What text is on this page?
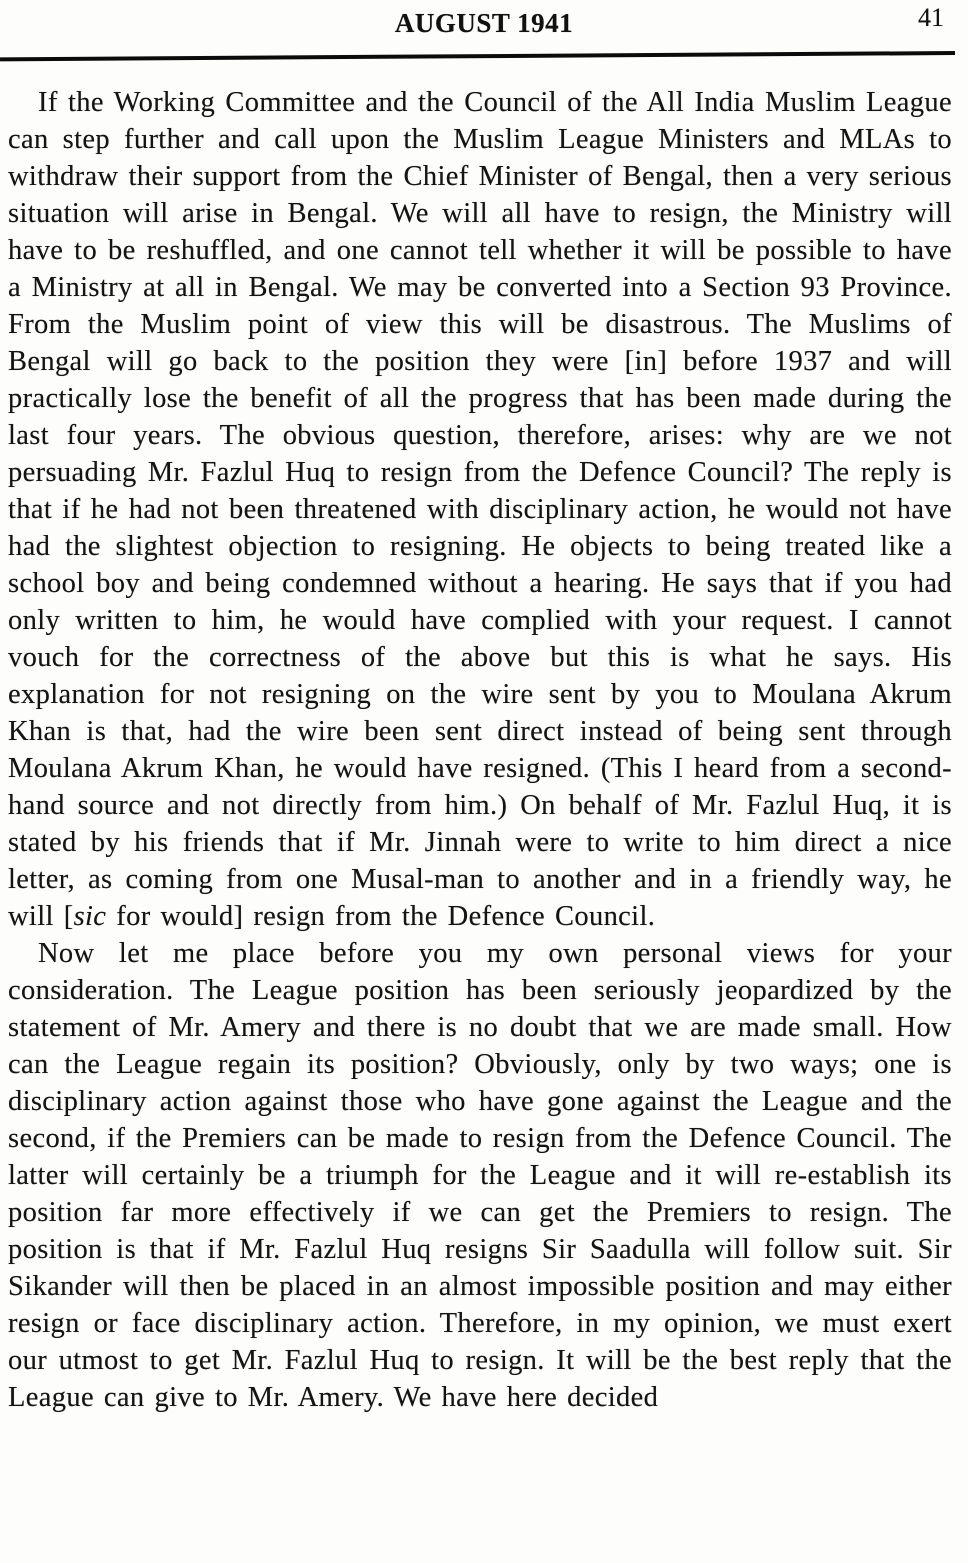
AUGUST 1941	41

If the Working Committee and the Council of the All India Muslim League can step further and call upon the Muslim League Ministers and MLAs to withdraw their support from the Chief Minister of Bengal, then a very serious situation will arise in Bengal. We will all have to resign, the Ministry will have to be reshuffled, and one cannot tell whether it will be possible to have a Ministry at all in Bengal. We may be converted into a Section 93 Province. From the Muslim point of view this will be disastrous. The Muslims of Bengal will go back to the position they were [in] before 1937 and will practically lose the benefit of all the progress that has been made during the last four years. The obvious question, therefore, arises: why are we not persuading Mr. Fazlul Huq to resign from the Defence Council? The reply is that if he had not been threatened with disciplinary action, he would not have had the slightest objection to resigning. He objects to being treated like a school boy and being condemned without a hearing. He says that if you had only written to him, he would have complied with your request. I cannot vouch for the correctness of the above but this is what he says. His explanation for not resigning on the wire sent by you to Moulana Akrum Khan is that, had the wire been sent direct instead of being sent through Moulana Akrum Khan, he would have resigned. (This I heard from a second-hand source and not directly from him.) On behalf of Mr. Fazlul Huq, it is stated by his friends that if Mr. Jinnah were to write to him direct a nice letter, as coming from one Musal-man to another and in a friendly way, he will [sic for would] resign from the Defence Council.

Now let me place before you my own personal views for your consideration. The League position has been seriously jeopardized by the statement of Mr. Amery and there is no doubt that we are made small. How can the League regain its position? Obviously, only by two ways; one is disciplinary action against those who have gone against the League and the second, if the Premiers can be made to resign from the Defence Council. The latter will certainly be a triumph for the League and it will re-establish its position far more effectively if we can get the Premiers to resign. The position is that if Mr. Fazlul Huq resigns Sir Saadulla will follow suit. Sir Sikander will then be placed in an almost impossible position and may either resign or face disciplinary action. Therefore, in my opinion, we must exert our utmost to get Mr. Fazlul Huq to resign. It will be the best reply that the League can give to Mr. Amery. We have here decided
